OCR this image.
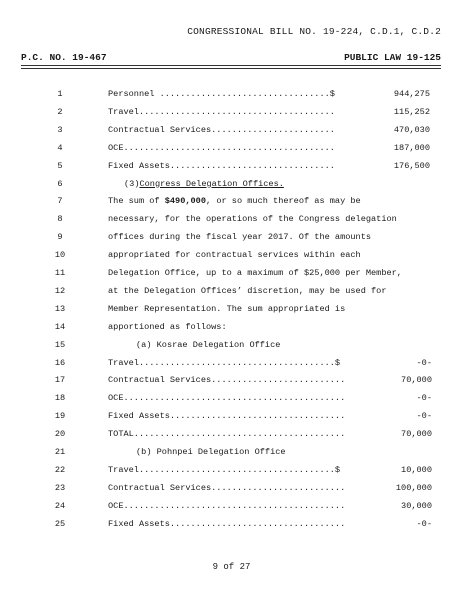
CONGRESSIONAL BILL NO. 19-224, C.D.1, C.D.2
P.C. NO. 19-467	PUBLIC LAW 19-125
1	Personnel .................................$	944,275
2	Travel......................................	115,252
3	Contractual Services........................	470,030
4	OCE.........................................	187,000
5	Fixed Assets................................	176,500
6	(3)Congress Delegation Offices.
7	The sum of $490,000, or so much thereof as may be
8	necessary, for the operations of the Congress delegation
9	offices during the fiscal year 2017. Of the amounts
10	appropriated for contractual services within each
11	Delegation Office, up to a maximum of $25,000 per Member,
12	at the Delegation Offices’ discretion, may be used for
13	Member Representation. The sum appropriated is
14	apportioned as follows:
15	(a) Kosrae Delegation Office
16	Travel......................................$	-0-
17	Contractual Services..........................	70,000
18	OCE...........................................	-0-
19	Fixed Assets..................................	-0-
20	TOTAL.........................................	70,000
21	(b) Pohnpei Delegation Office
22	Travel......................................$	10,000
23	Contractual Services..........................	100,000
24	OCE...........................................	30,000
25	Fixed Assets..................................	-0-
9 of 27
